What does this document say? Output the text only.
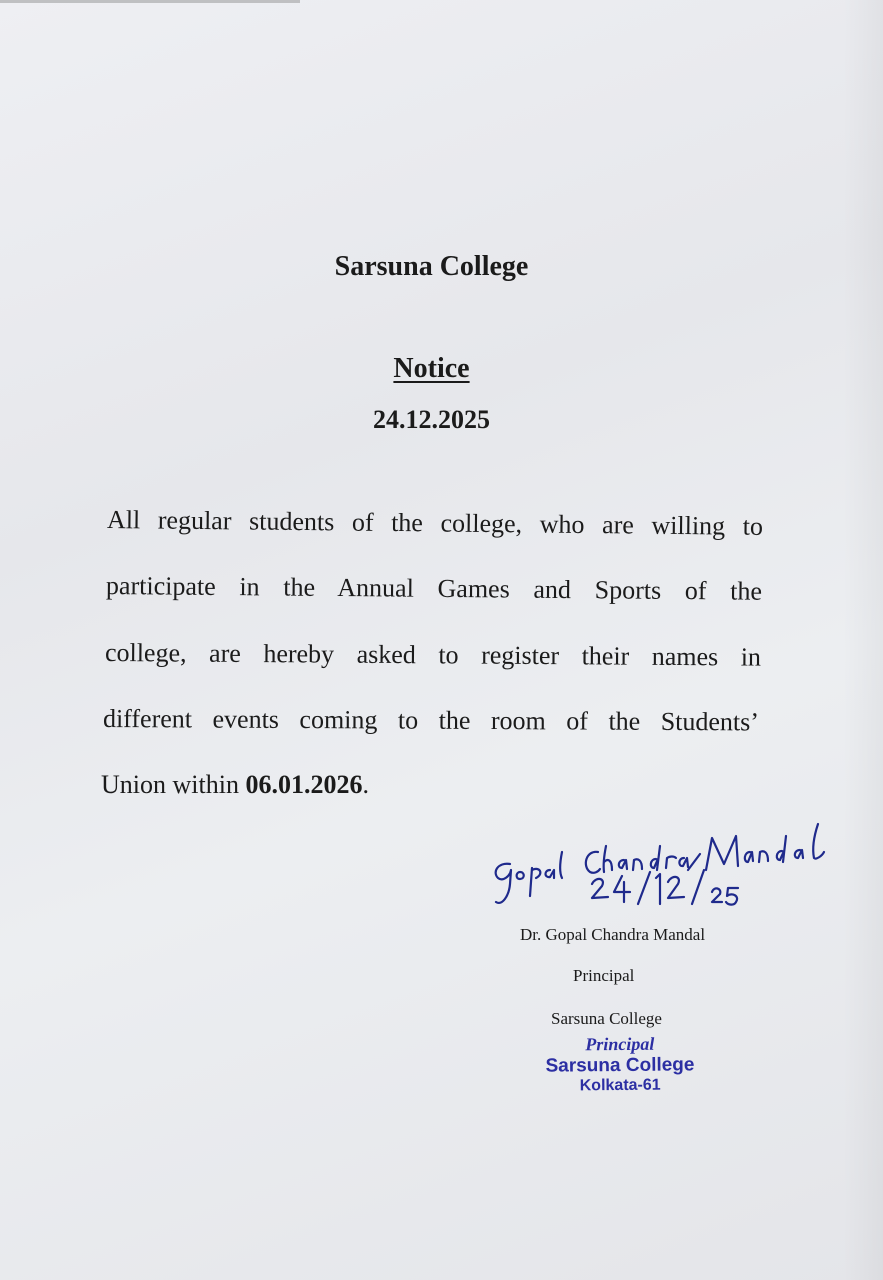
Sarsuna College
Notice
24.12.2025
All regular students of the college, who are willing to
participate in the Annual Games and Sports of the
college, are hereby asked to register their names in
different events coming to the room of the Students’
Union within 06.01.2026.
Dr. Gopal Chandra Mandal
Principal
Sarsuna College
Principal
Sarsuna College
Kolkata-61
